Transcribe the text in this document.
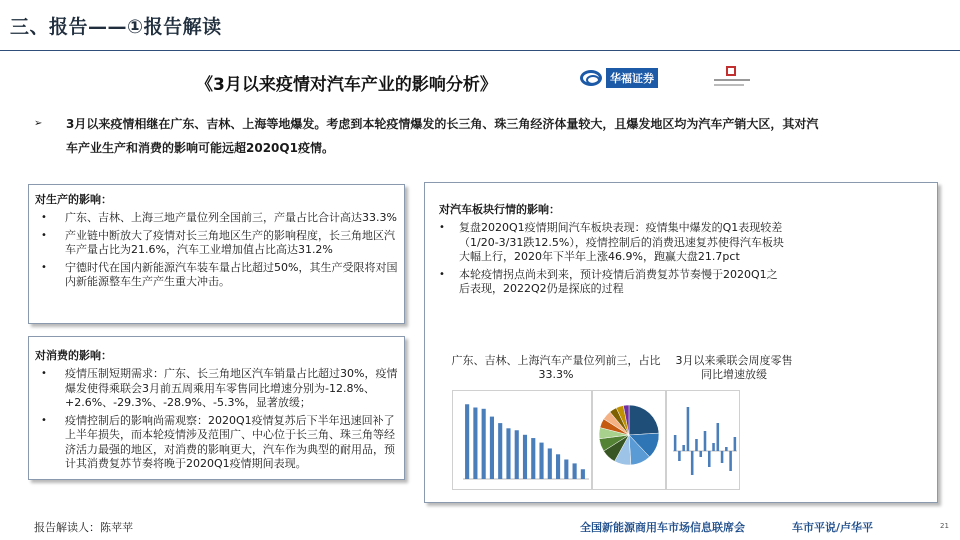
三、报告——①报告解读
《3月以来疫情对汽车产业的影响分析》	华福证券
➢ 3月以来疫情相继在广东、吉林、上海等地爆发。考虑到本轮疫情爆发的长三角、珠三角经济体量较大，且爆发地区均为汽车产销大区，其对汽车产业生产和消费的影响可能远超2020Q1疫情。
对生产的影响：
• 广东、吉林、上海三地产量位列全国前三，产量占比合计高达33.3%
• 产业链中断放大了疫情对长三角地区生产的影响程度，长三角地区汽车产量占比为21.6%，汽车工业增加值占比高达31.2%
• 宁德时代在国内新能源汽车装车量占比超过50%，其生产受限将对国内新能源整车生产产生重大冲击。
对消费的影响：
• 疫情压制短期需求：广东、长三角地区汽车销量占比超过30%，疫情爆发使得乘联会3月前五周乘用车零售同比增速分别为-12.8%、+2.6%、-29.3%、-28.9%、-5.3%，显著放缓；
• 疫情控制后的影响尚需观察：2020Q1疫情复苏后下半年迅速回补了上半年损失，而本轮疫情涉及范围广、中心位于长三角、珠三角等经济活力最强的地区，对消费的影响更大，汽车作为典型的耐用品，预计其消费复苏节奏将晚于2020Q1疫情期间表现。
对汽车板块行情的影响：
• 复盘2020Q1疫情期间汽车板块表现：疫情集中爆发的Q1表现较差（1/20-3/31跌12.5%），疫情控制后的消费迅速复苏使得汽车板块大幅上行，2020年下半年上涨46.9%，跑赢大盘21.7pct
• 本轮疫情拐点尚未到来，预计疫情后消费复苏节奏慢于2020Q1之后表现，2022Q2仍是探底的过程
广东、吉林、上海汽车产量位列前三，占比33.3%
3月以来乘联会周度零售同比增速放缓
报告解读人：陈苹苹	全国新能源商用车市场信息联席会	车市平说/卢华平	21
